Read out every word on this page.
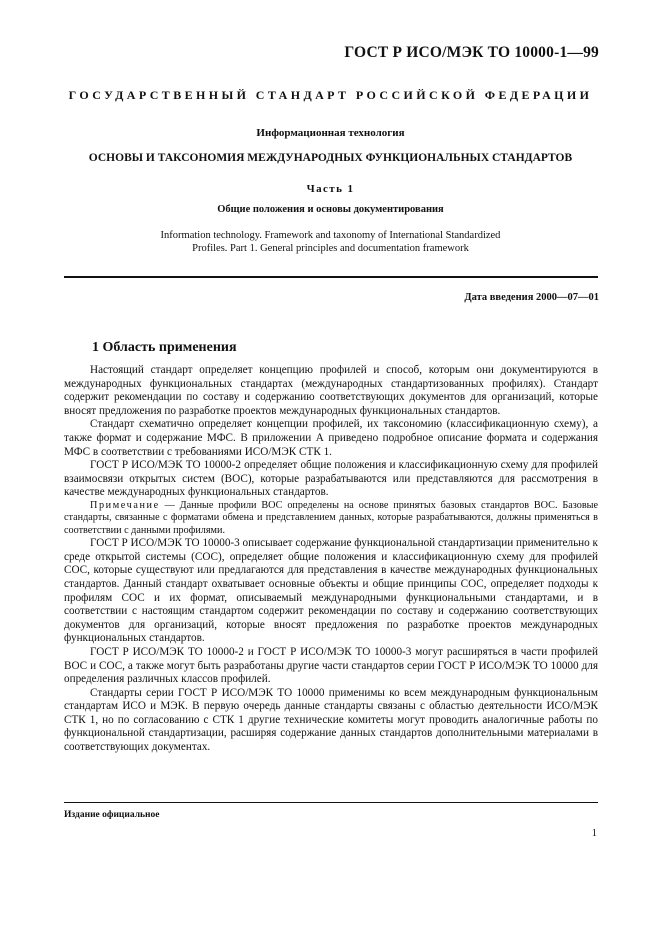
ГОСТ Р ИСО/МЭК ТО 10000-1—99
ГОСУДАРСТВЕННЫЙ СТАНДАРТ РОССИЙСКОЙ ФЕДЕРАЦИИ
Информационная технология
ОСНОВЫ И ТАКСОНОМИЯ МЕЖДУНАРОДНЫХ ФУНКЦИОНАЛЬНЫХ СТАНДАРТОВ
Часть 1
Общие положения и основы документирования
Information technology. Framework and taxonomy of International Standardized
Profiles. Part 1. General principles and documentation framework
Дата введения 2000—07—01
1 Область применения

Настоящий стандарт определяет концепцию профилей и способ, которым они документируются в международных функциональных стандартах (международных стандартизованных профилях). Стандарт содержит рекомендации по составу и содержанию соответствующих документов для организаций, которые вносят предложения по разработке проектов международных функциональных стандартов.

Стандарт схематично определяет концепции профилей, их таксономию (классификационную схему), а также формат и содержание МФС. В приложении А приведено подробное описание формата и содержания МФС в соответствии с требованиями ИСО/МЭК СТК 1.

ГОСТ Р ИСО/МЭК ТО 10000-2 определяет общие положения и классификационную схему для профилей взаимосвязи открытых систем (ВОС), которые разрабатываются или представляются для рассмотрения в качестве международных функциональных стандартов.

Примечание — Данные профили ВОС определены на основе принятых базовых стандартов ВОС. Базовые стандарты, связанные с форматами обмена и представлением данных, которые разрабатываются, должны применяться в соответствии с данными профилями.

ГОСТ Р ИСО/МЭК ТО 10000-3 описывает содержание функциональной стандартизации применительно к среде открытой системы (СОС), определяет общие положения и классификационную схему для профилей СОС, которые существуют или предлагаются для представления в качестве международных функциональных стандартов. Данный стандарт охватывает основные объекты и общие принципы СОС, определяет подходы к профилям СОС и их формат, описываемый международными функциональными стандартами, и в соответствии с настоящим стандартом содержит рекомендации по составу и содержанию соответствующих документов для организаций, которые вносят предложения по разработке проектов международных функциональных стандартов.

ГОСТ Р ИСО/МЭК ТО 10000-2 и ГОСТ Р ИСО/МЭК ТО 10000-3 могут расширяться в части профилей ВОС и СОС, а также могут быть разработаны другие части стандартов серии ГОСТ Р ИСО/МЭК ТО 10000 для определения различных классов профилей.

Стандарты серии ГОСТ Р ИСО/МЭК ТО 10000 применимы ко всем международным функциональным стандартам ИСО и МЭК. В первую очередь данные стандарты связаны с областью деятельности ИСО/МЭК СТК 1, но по согласованию с СТК 1 другие технические комитеты могут проводить аналогичные работы по функциональной стандартизации, расширяя содержание данных стандартов дополнительными материалами в соответствующих документах.

Издание официальное
1
